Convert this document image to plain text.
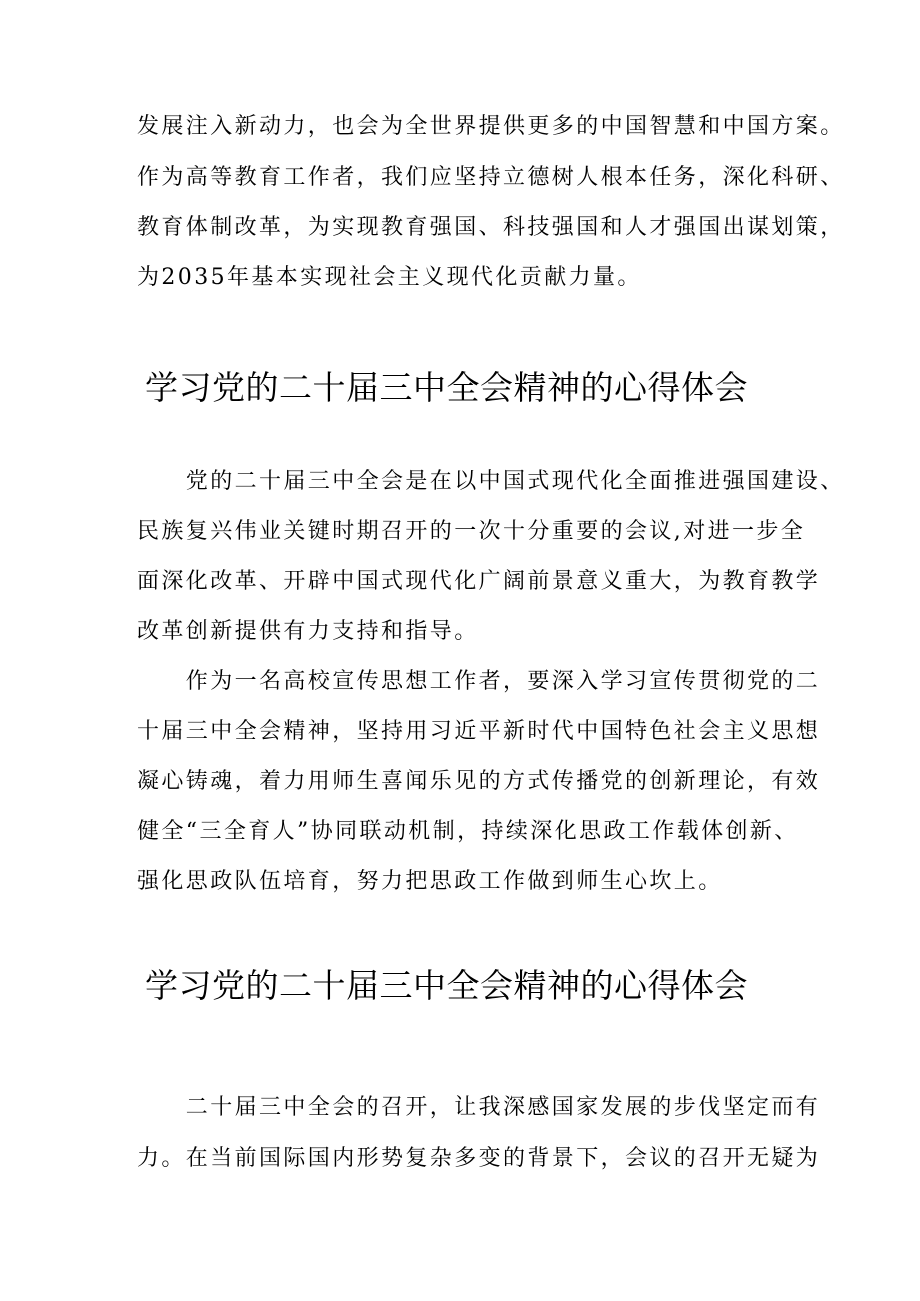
发展注入新动力，也会为全世界提供更多的中国智慧和中国方案。

作为高等教育工作者，我们应坚持立德树人根本任务，深化科研、

教育体制改革，为实现教育强国、科技强国和人才强国出谋划策，

为2035年基本实现社会主义现代化贡献力量。

学习党的二十届三中全会精神的心得体会

　　党的二十届三中全会是在以中国式现代化全面推进强国建设、

民族复兴伟业关键时期召开的一次十分重要的会议,对进一步全

面深化改革、开辟中国式现代化广阔前景意义重大，为教育教学

改革创新提供有力支持和指导。

　　作为一名高校宣传思想工作者，要深入学习宣传贯彻党的二

十届三中全会精神，坚持用习近平新时代中国特色社会主义思想

凝心铸魂，着力用师生喜闻乐见的方式传播党的创新理论，有效

健全“三全育人”协同联动机制，持续深化思政工作载体创新、

强化思政队伍培育，努力把思政工作做到师生心坎上。

学习党的二十届三中全会精神的心得体会

　　二十届三中全会的召开，让我深感国家发展的步伐坚定而有

力。在当前国际国内形势复杂多变的背景下，会议的召开无疑为
